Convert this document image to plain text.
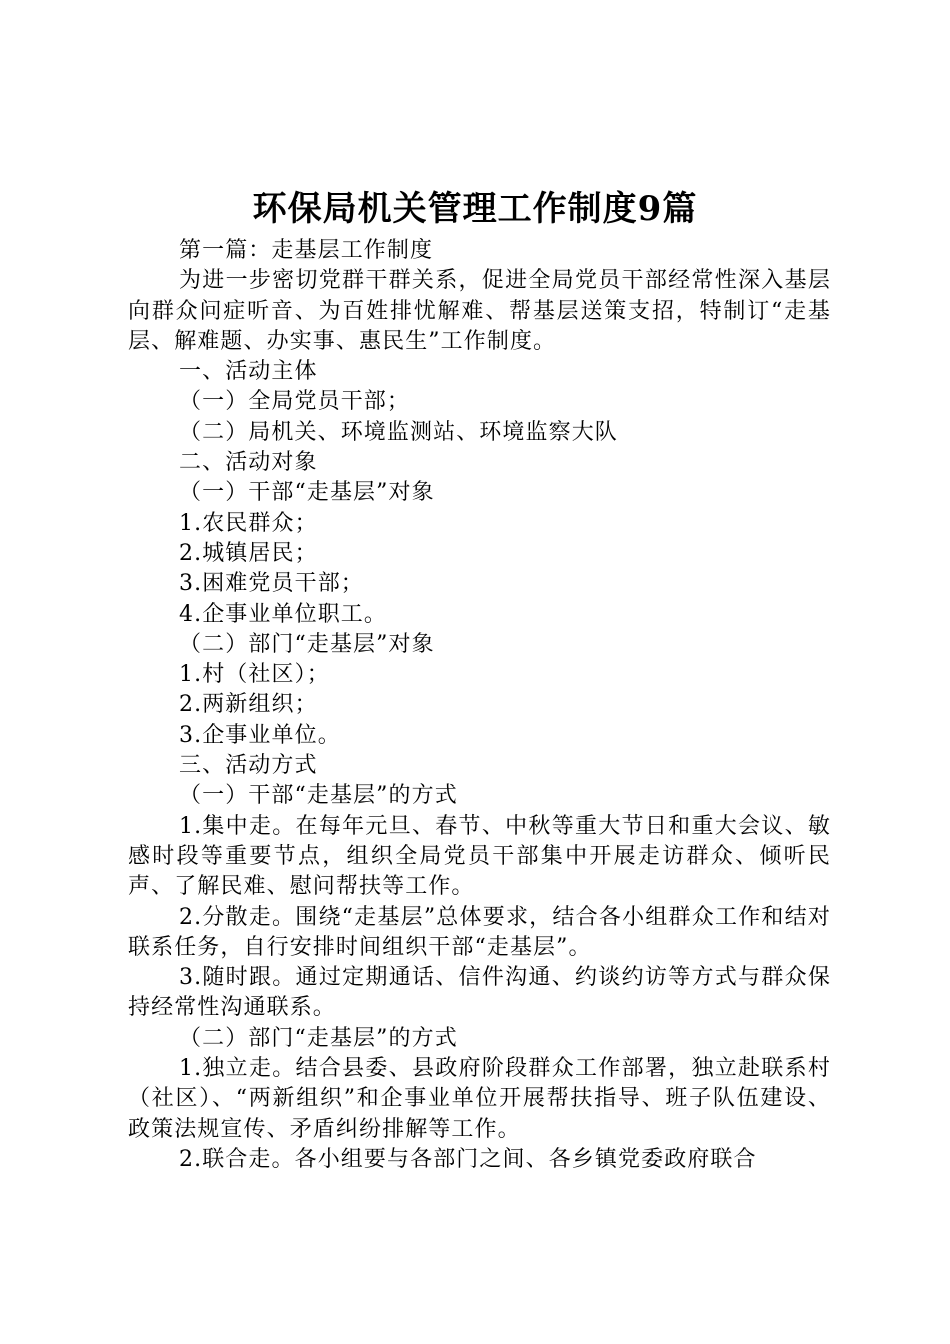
环保局机关管理工作制度9篇

第一篇：走基层工作制度

为进一步密切党群干群关系，促进全局党员干部经常性深入基层向群众问症听音、为百姓排忧解难、帮基层送策支招，特制订“走基层、解难题、办实事、惠民生”工作制度。

一、活动主体

（一）全局党员干部；

（二）局机关、环境监测站、环境监察大队

二、活动对象

（一）干部“走基层”对象

1.农民群众；

2.城镇居民；

3.困难党员干部；

4.企事业单位职工。

（二）部门“走基层”对象

1.村（社区）；

2.两新组织；

3.企事业单位。

三、活动方式

（一）干部“走基层”的方式

1.集中走。在每年元旦、春节、中秋等重大节日和重大会议、敏感时段等重要节点，组织全局党员干部集中开展走访群众、倾听民声、了解民难、慰问帮扶等工作。

2.分散走。围绕“走基层”总体要求，结合各小组群众工作和结对联系任务，自行安排时间组织干部“走基层”。

3.随时跟。通过定期通话、信件沟通、约谈约访等方式与群众保持经常性沟通联系。

（二）部门“走基层”的方式

1.独立走。结合县委、县政府阶段群众工作部署，独立赴联系村（社区）、“两新组织”和企事业单位开展帮扶指导、班子队伍建设、政策法规宣传、矛盾纠纷排解等工作。

2.联合走。各小组要与各部门之间、各乡镇党委政府联合
